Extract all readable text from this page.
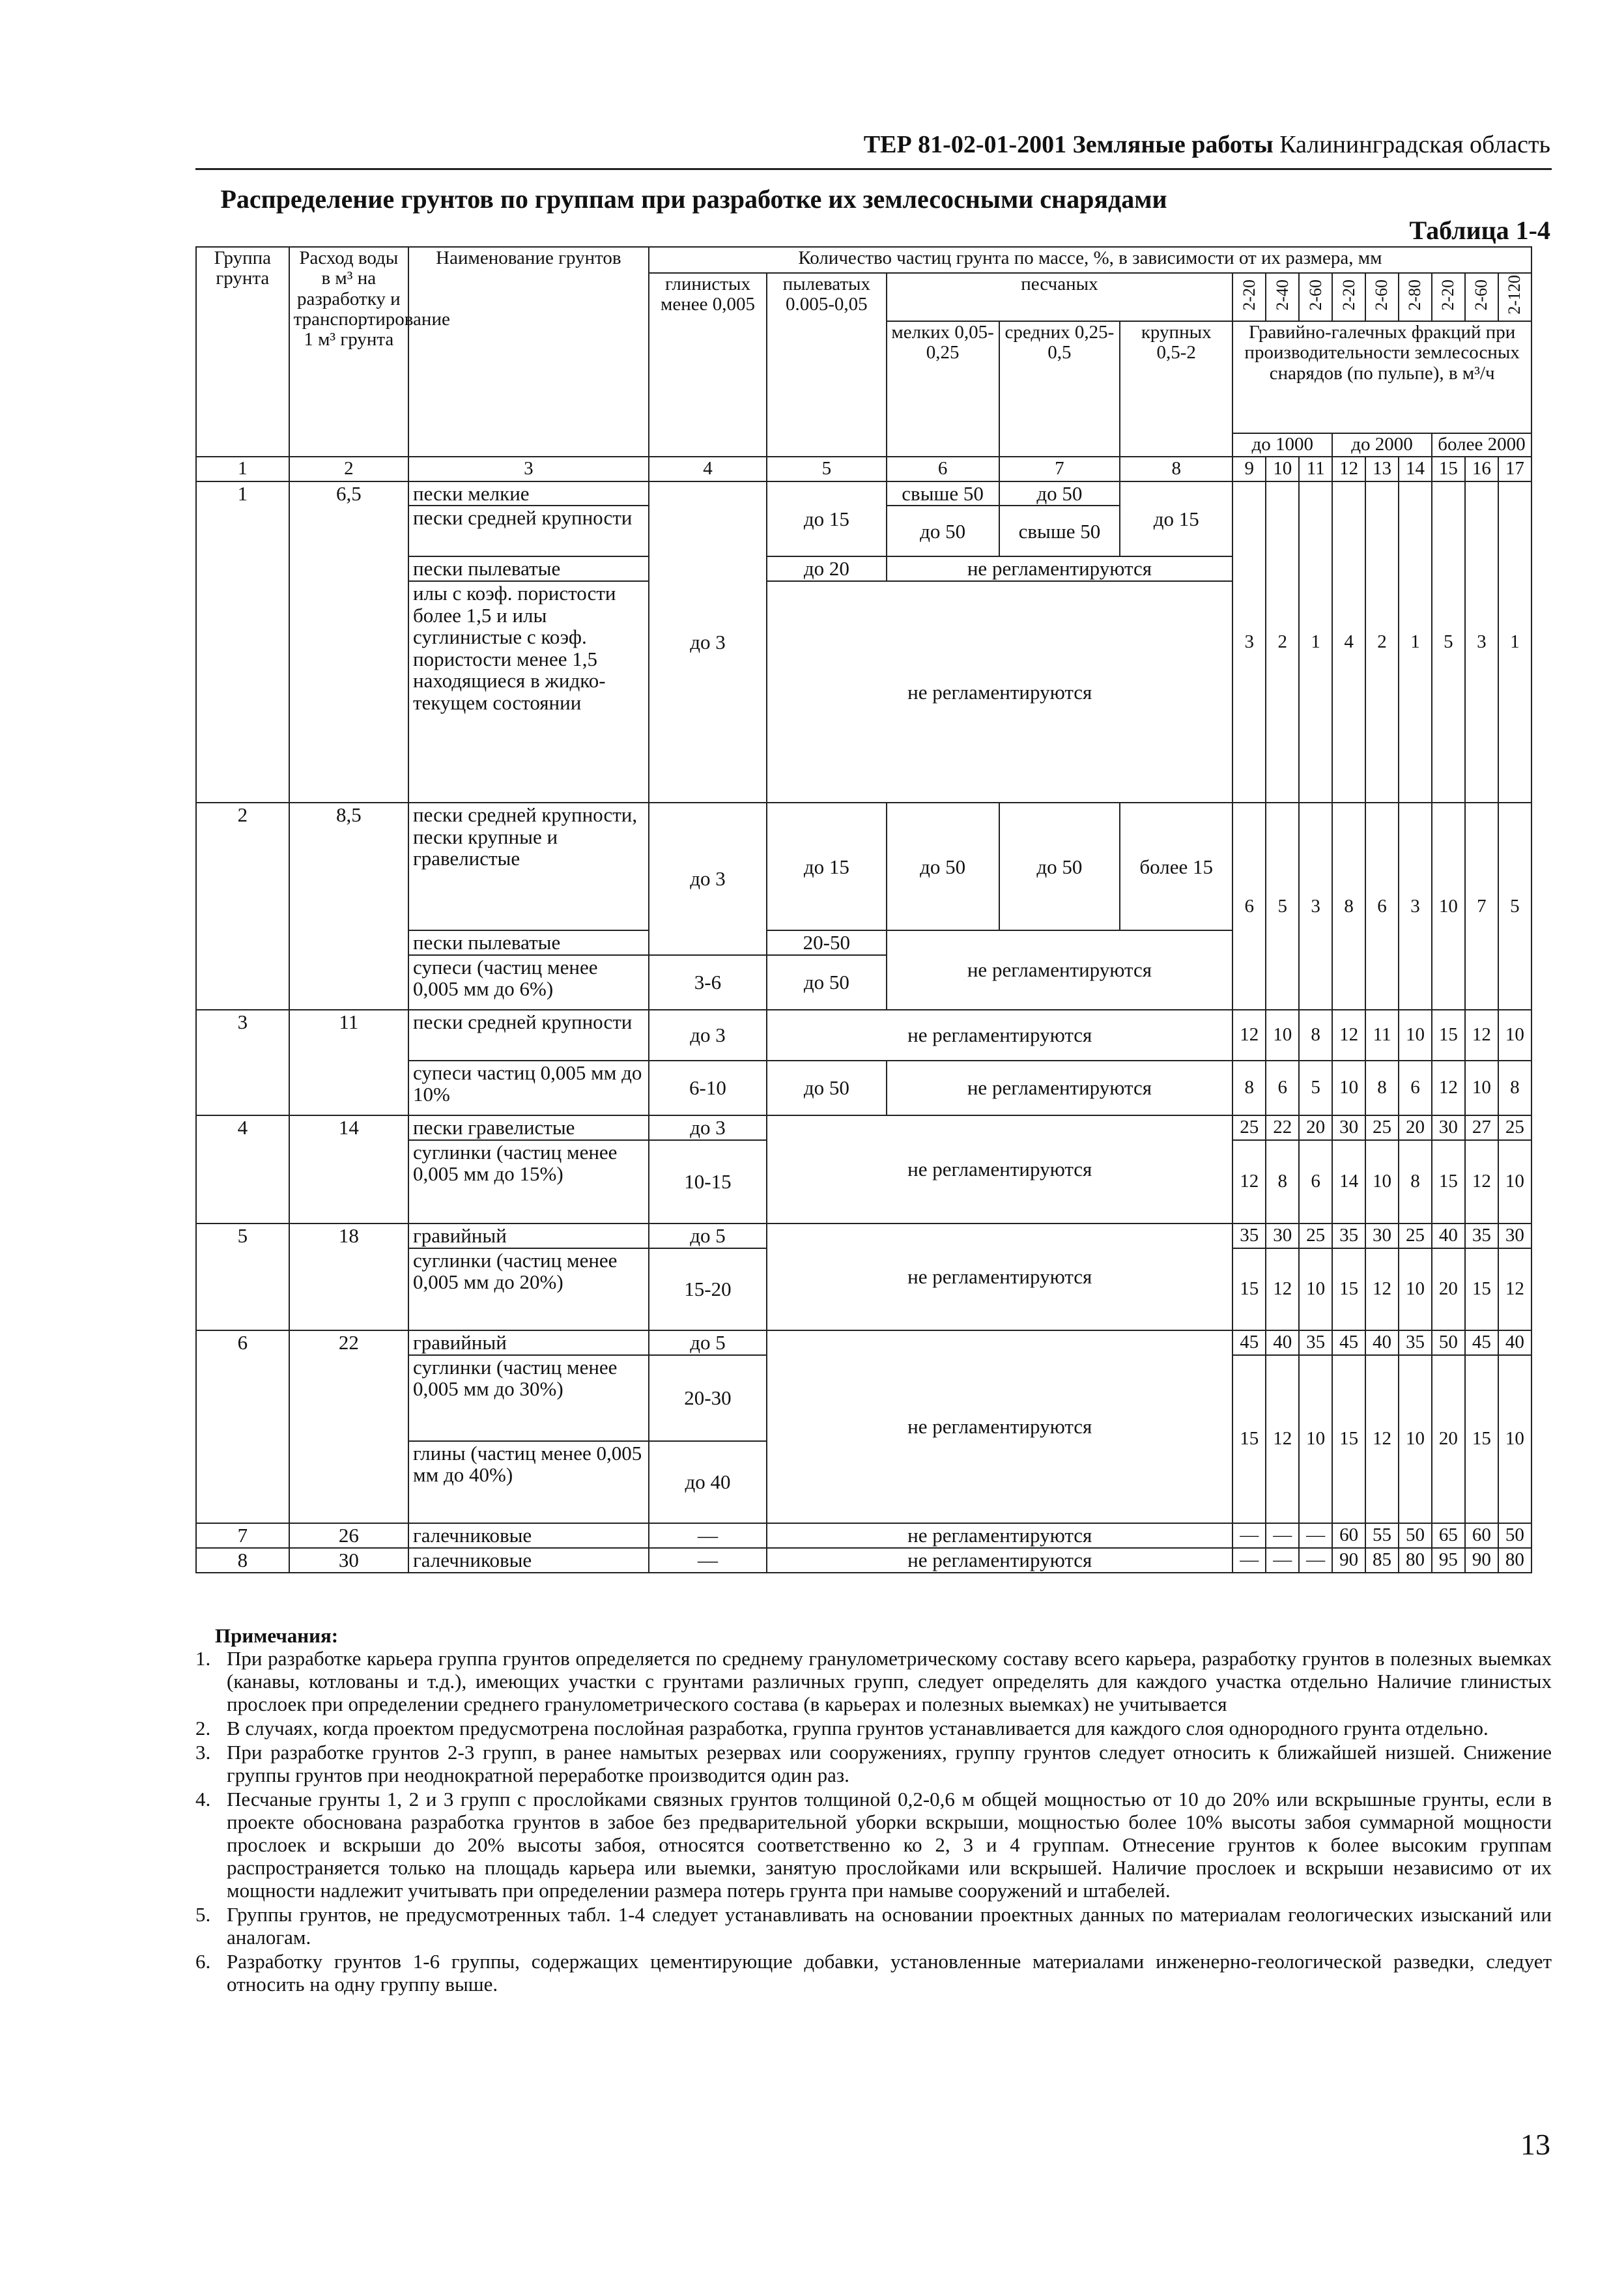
ТЕР 81-02-01-2001 Земляные работы Калининградская область
Распределение грунтов по группам при разработке их землесосными снарядами
Таблица 1-4
Группа грунта	Расход воды в м³ на разработку и транспортирование 1 м³ грунта	Наименование грунтов	Количество частиц грунта по массе, %, в зависимости от их размера, мм													
			глинистых менее 0,005	пылеватых 0.005-0,05	песчаных			2-20	2-40	2-60	2-20	2-60	2-80	2-20	2-60	2-120
					мелких 0,05-0,25	средних 0,25-0,5	крупных 0,5-2	Гравийно-галечных фракций при производительности землесосных снарядов (по пульпе), в м³/ч								
								до 1000			до 2000			более 2000		

1	2	3	4	5	6	7	8	9	10	11	12	13	14	15	16	17
1	6,5	пески мелкие	до 3	до 15	свыше 50	до 50	до 15	3	2	1	4	2	1	5	3	1
		пески средней крупности			до 50	свыше 50										
		пески пылеватые		до 20	не регламентируются											
		илы с коэф. пористости более 1,5 и илы суглинистые с коэф. пористости менее 1,5 находящиеся в жидко-текущем состоянии		не регламентируются												
2	8,5	пески средней крупности, пески крупные и гравелистые	до 3	до 15	до 50	до 50	более 15	6	5	3	8	6	3	10	7	5
		пески пылеватые		20-50	не регламентируются											
		супеси (частиц менее 0,005 мм до 6%)	3-6	до 50												
3	11	пески средней крупности	до 3	не регламентируются				12	10	8	12	11	10	15	12	10
		супеси частиц 0,005 мм до 10%	6-10	до 50	не регламентируются			8	6	5	10	8	6	12	10	8
4	14	пески гравелистые	до 3	не регламентируются				25	22	20	30	25	20	30	27	25
		суглинки (частиц менее 0,005 мм до 15%)	10-15					12	8	6	14	10	8	15	12	10
5	18	гравийный	до 5	не регламентируются				35	30	25	35	30	25	40	35	30
		суглинки (частиц менее 0,005 мм до 20%)	15-20					15	12	10	15	12	10	20	15	12
6	22	гравийный	до 5	не регламентируются				45	40	35	45	40	35	50	45	40
		суглинки (частиц менее 0,005 мм до 30%)	20-30					15	12	10	15	12	10	20	15	10
		глины (частиц менее 0,005 мм до 40%)	до 40													
7	26	галечниковые	—	не регламентируются				—	—	—	60	55	50	65	60	50
8	30	галечниковые	—	не регламентируются				—	—	—	90	85	80	95	90	80
Примечания:
1. При разработке карьера группа грунтов определяется по среднему гранулометрическому составу всего карьера, разработку грунтов в полезных выемках (канавы, котлованы и т.д.), имеющих участки с грунтами различных групп, следует определять для каждого участка отдельно Наличие глинистых прослоек при определении среднего гранулометрического состава (в карьерах и полезных выемках) не учитывается
2. В случаях, когда проектом предусмотрена послойная разработка, группа грунтов устанавливается для каждого слоя однородного грунта отдельно.
3. При разработке грунтов 2-3 групп, в ранее намытых резервах или сооружениях, группу грунтов следует относить к ближайшей низшей. Снижение группы грунтов при неоднократной переработке производится один раз.
4. Песчаные грунты 1, 2 и 3 групп с прослойками связных грунтов толщиной 0,2-0,6 м общей мощностью от 10 до 20% или вскрышные грунты, если в проекте обоснована разработка грунтов в забое без предварительной уборки вскрыши, мощностью более 10% высоты забоя суммарной мощности прослоек и вскрыши до 20% высоты забоя, относятся соответственно ко 2, 3 и 4 группам. Отнесение грунтов к более высоким группам распространяется только на площадь карьера или выемки, занятую прослойками или вскрышей. Наличие прослоек и вскрыши независимо от их мощности надлежит учитывать при определении размера потерь грунта при намыве сооружений и штабелей.
5. Группы грунтов, не предусмотренных табл. 1-4 следует устанавливать на основании проектных данных по материалам геологических изысканий или аналогам.
6. Разработку грунтов 1-6 группы, содержащих цементирующие добавки, установленные материалами инженерно-геологической разведки, следует относить на одну группу выше.
13
